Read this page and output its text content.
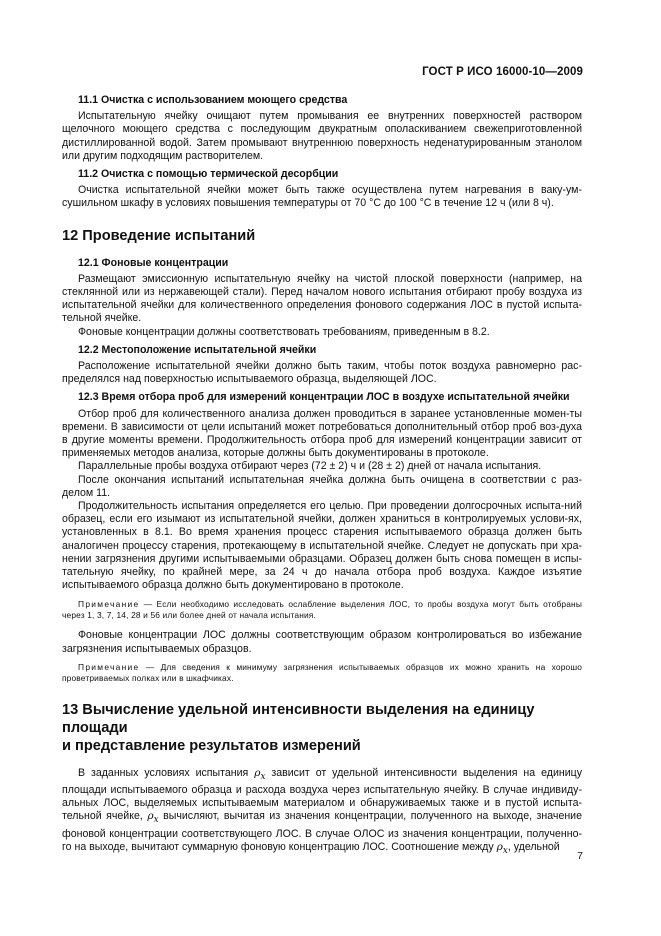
ГОСТ Р ИСО 16000-10—2009
11.1 Очистка с использованием моющего средства

Испытательную ячейку очищают путем промывания ее внутренних поверхностей раствором щелочного моющего средства с последующим двукратным ополаскиванием свежеприготовленной дистиллированной водой. Затем промывают внутреннюю поверхность неденатурированным этанолом или другим подходящим растворителем.

11.2 Очистка с помощью термической десорбции

Очистка испытательной ячейки может быть также осуществлена путем нагревания в ваку-ум-сушильном шкафу в условиях повышения температуры от 70 °С до 100 °С в течение 12 ч (или 8 ч).

12 Проведение испытаний
12.1 Фоновые концентрации

Размещают эмиссионную испытательную ячейку на чистой плоской поверхности (например, на стеклянной или из нержавеющей стали). Перед началом нового испытания отбирают пробу воздуха из испытательной ячейки для количественного определения фонового содержания ЛОС в пустой испыта-тельной ячейке.

Фоновые концентрации должны соответствовать требованиям, приведенным в 8.2.

12.2 Местоположение испытательной ячейки

Расположение испытательной ячейки должно быть таким, чтобы поток воздуха равномерно рас-пределялся над поверхностью испытываемого образца, выделяющей ЛОС.

12.3 Время отбора проб для измерений концентрации ЛОС в воздухе испытательной ячейки

Отбор проб для количественного анализа должен проводиться в заранее установленные момен-ты времени. В зависимости от цели испытаний может потребоваться дополнительный отбор проб воз-духа в другие моменты времени. Продолжительность отбора проб для измерений концентрации зависит от применяемых методов анализа, которые должны быть документированы в протоколе.

Параллельные пробы воздуха отбирают через (72 ± 2) ч и (28 ± 2) дней от начала испытания.

После окончания испытаний испытательная ячейка должна быть очищена в соответствии с раз-делом 11.

Продолжительность испытания определяется его целью. При проведении долгосрочных испыта-ний образец, если его изымают из испытательной ячейки, должен храниться в контролируемых услови-ях, установленных в 8.1. Во время хранения процесс старения испытываемого образца должен быть аналогичен процессу старения, протекающему в испытательной ячейке. Следует не допускать при хра-нении загрязнения другими испытываемыми образцами. Образец должен быть снова помещен в испы-тательную ячейку, по крайней мере, за 24 ч до начала отбора проб воздуха. Каждое изъятие испытываемого образца должно быть документировано в протоколе.

Примечание — Если необходимо исследовать ослабление выделения ЛОС, то пробы воздуха могут быть отобраны через 1, 3, 7, 14, 28 и 56 или более дней от начала испытания.

Фоновые концентрации ЛОС должны соответствующим образом контролироваться во избежание загрязнения испытываемых образцов.

Примечание — Для сведения к минимуму загрязнения испытываемых образцов их можно хранить на хорошо проветриваемых полках или в шкафчиках.

13 Вычисление удельной интенсивности выделения на единицу площади
и представление результатов измерений

В заданных условиях испытания $\rho_x$ зависит от удельной интенсивности выделения на единицу площади испытываемого образца и расхода воздуха через испытательную ячейку. В случае индивиду-альных ЛОС, выделяемых испытываемым материалом и обнаруживаемых также и в пустой испыта-тельной ячейке, $\rho_x$ вычисляют, вычитая из значения концентрации, полученного на выходе, значение фоновой концентрации соответствующего ЛОС. В случае ОЛОС из значения концентрации, полученно-го на выходе, вычитают суммарную фоновую концентрацию ЛОС. Соотношение между $\rho_x$, удельной

7
